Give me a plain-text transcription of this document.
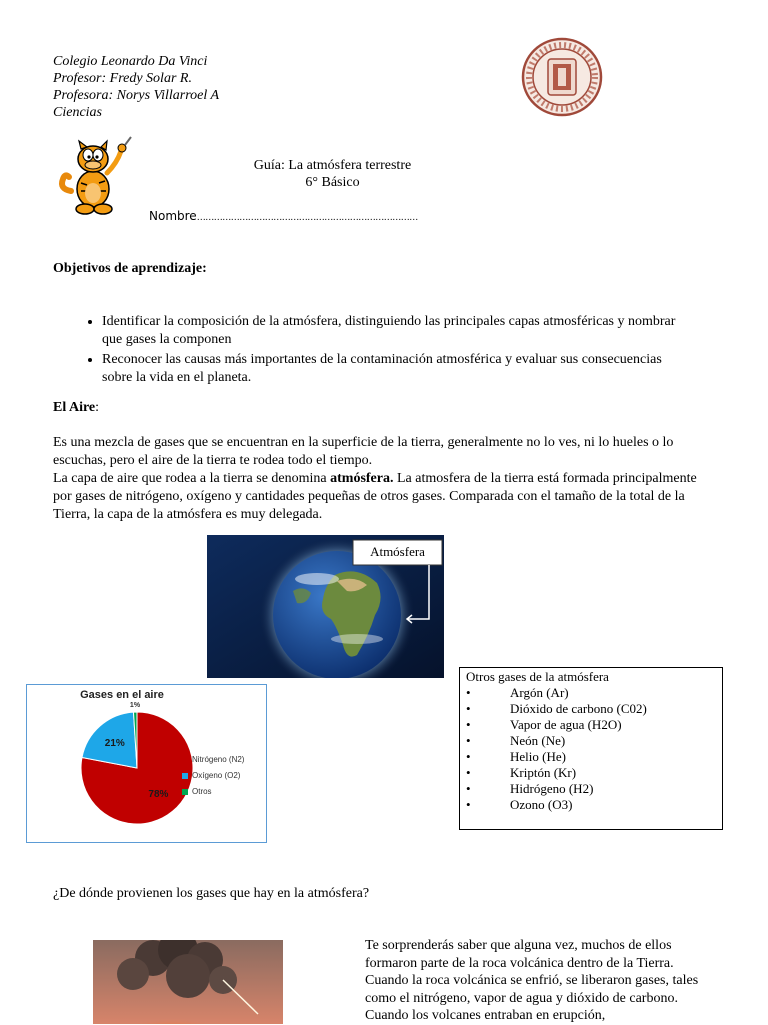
Colegio Leonardo Da Vinci
Profesor: Fredy Solar R.
Profesora: Norys Villarroel A
Ciencias
Guía: La atmósfera terrestre
6° Básico
Nombre……………………………………………………………………
Objetivos de aprendizaje:
• Identificar la composición de la atmósfera, distinguiendo las principales capas atmosféricas y nombrar que gases la componen
• Reconocer las causas más importantes de la contaminación atmosférica y evaluar sus consecuencias sobre la vida en el planeta.
El Aire:
Es una mezcla de gases que se encuentran en la superficie de la tierra, generalmente no lo ves, ni lo hueles o lo escuchas, pero el aire de la tierra te rodea todo el tiempo.
La capa de aire que rodea a la tierra se denomina atmósfera. La atmosfera de la tierra está formada principalmente por gases de nitrógeno, oxígeno y cantidades pequeñas de otros gases. Comparada con el tamaño de la total de la Tierra, la capa de la atmósfera es muy delegada.
Atmósfera
Gases en el aire
78%
21%
1%
Nitrógeno (N2)
Oxígeno (O2)
Otros
Otros gases de la atmósfera
•	Argón (Ar)
•	Dióxido de carbono (C02)
•	Vapor de agua (H2O)
•	Neón (Ne)
•	Helio (He)
•	Kriptón (Kr)
•	Hidrógeno (H2)
•	Ozono (O3)
¿De dónde provienen los gases que hay en la atmósfera?
Te sorprenderás saber que alguna vez, muchos de ellos formaron parte de la roca volcánica dentro de la Tierra. Cuando la roca volcánica se enfrió, se liberaron gases, tales como el nitrógeno, vapor de agua y dióxido de carbono. Cuando los volcanes entraban en erupción,
